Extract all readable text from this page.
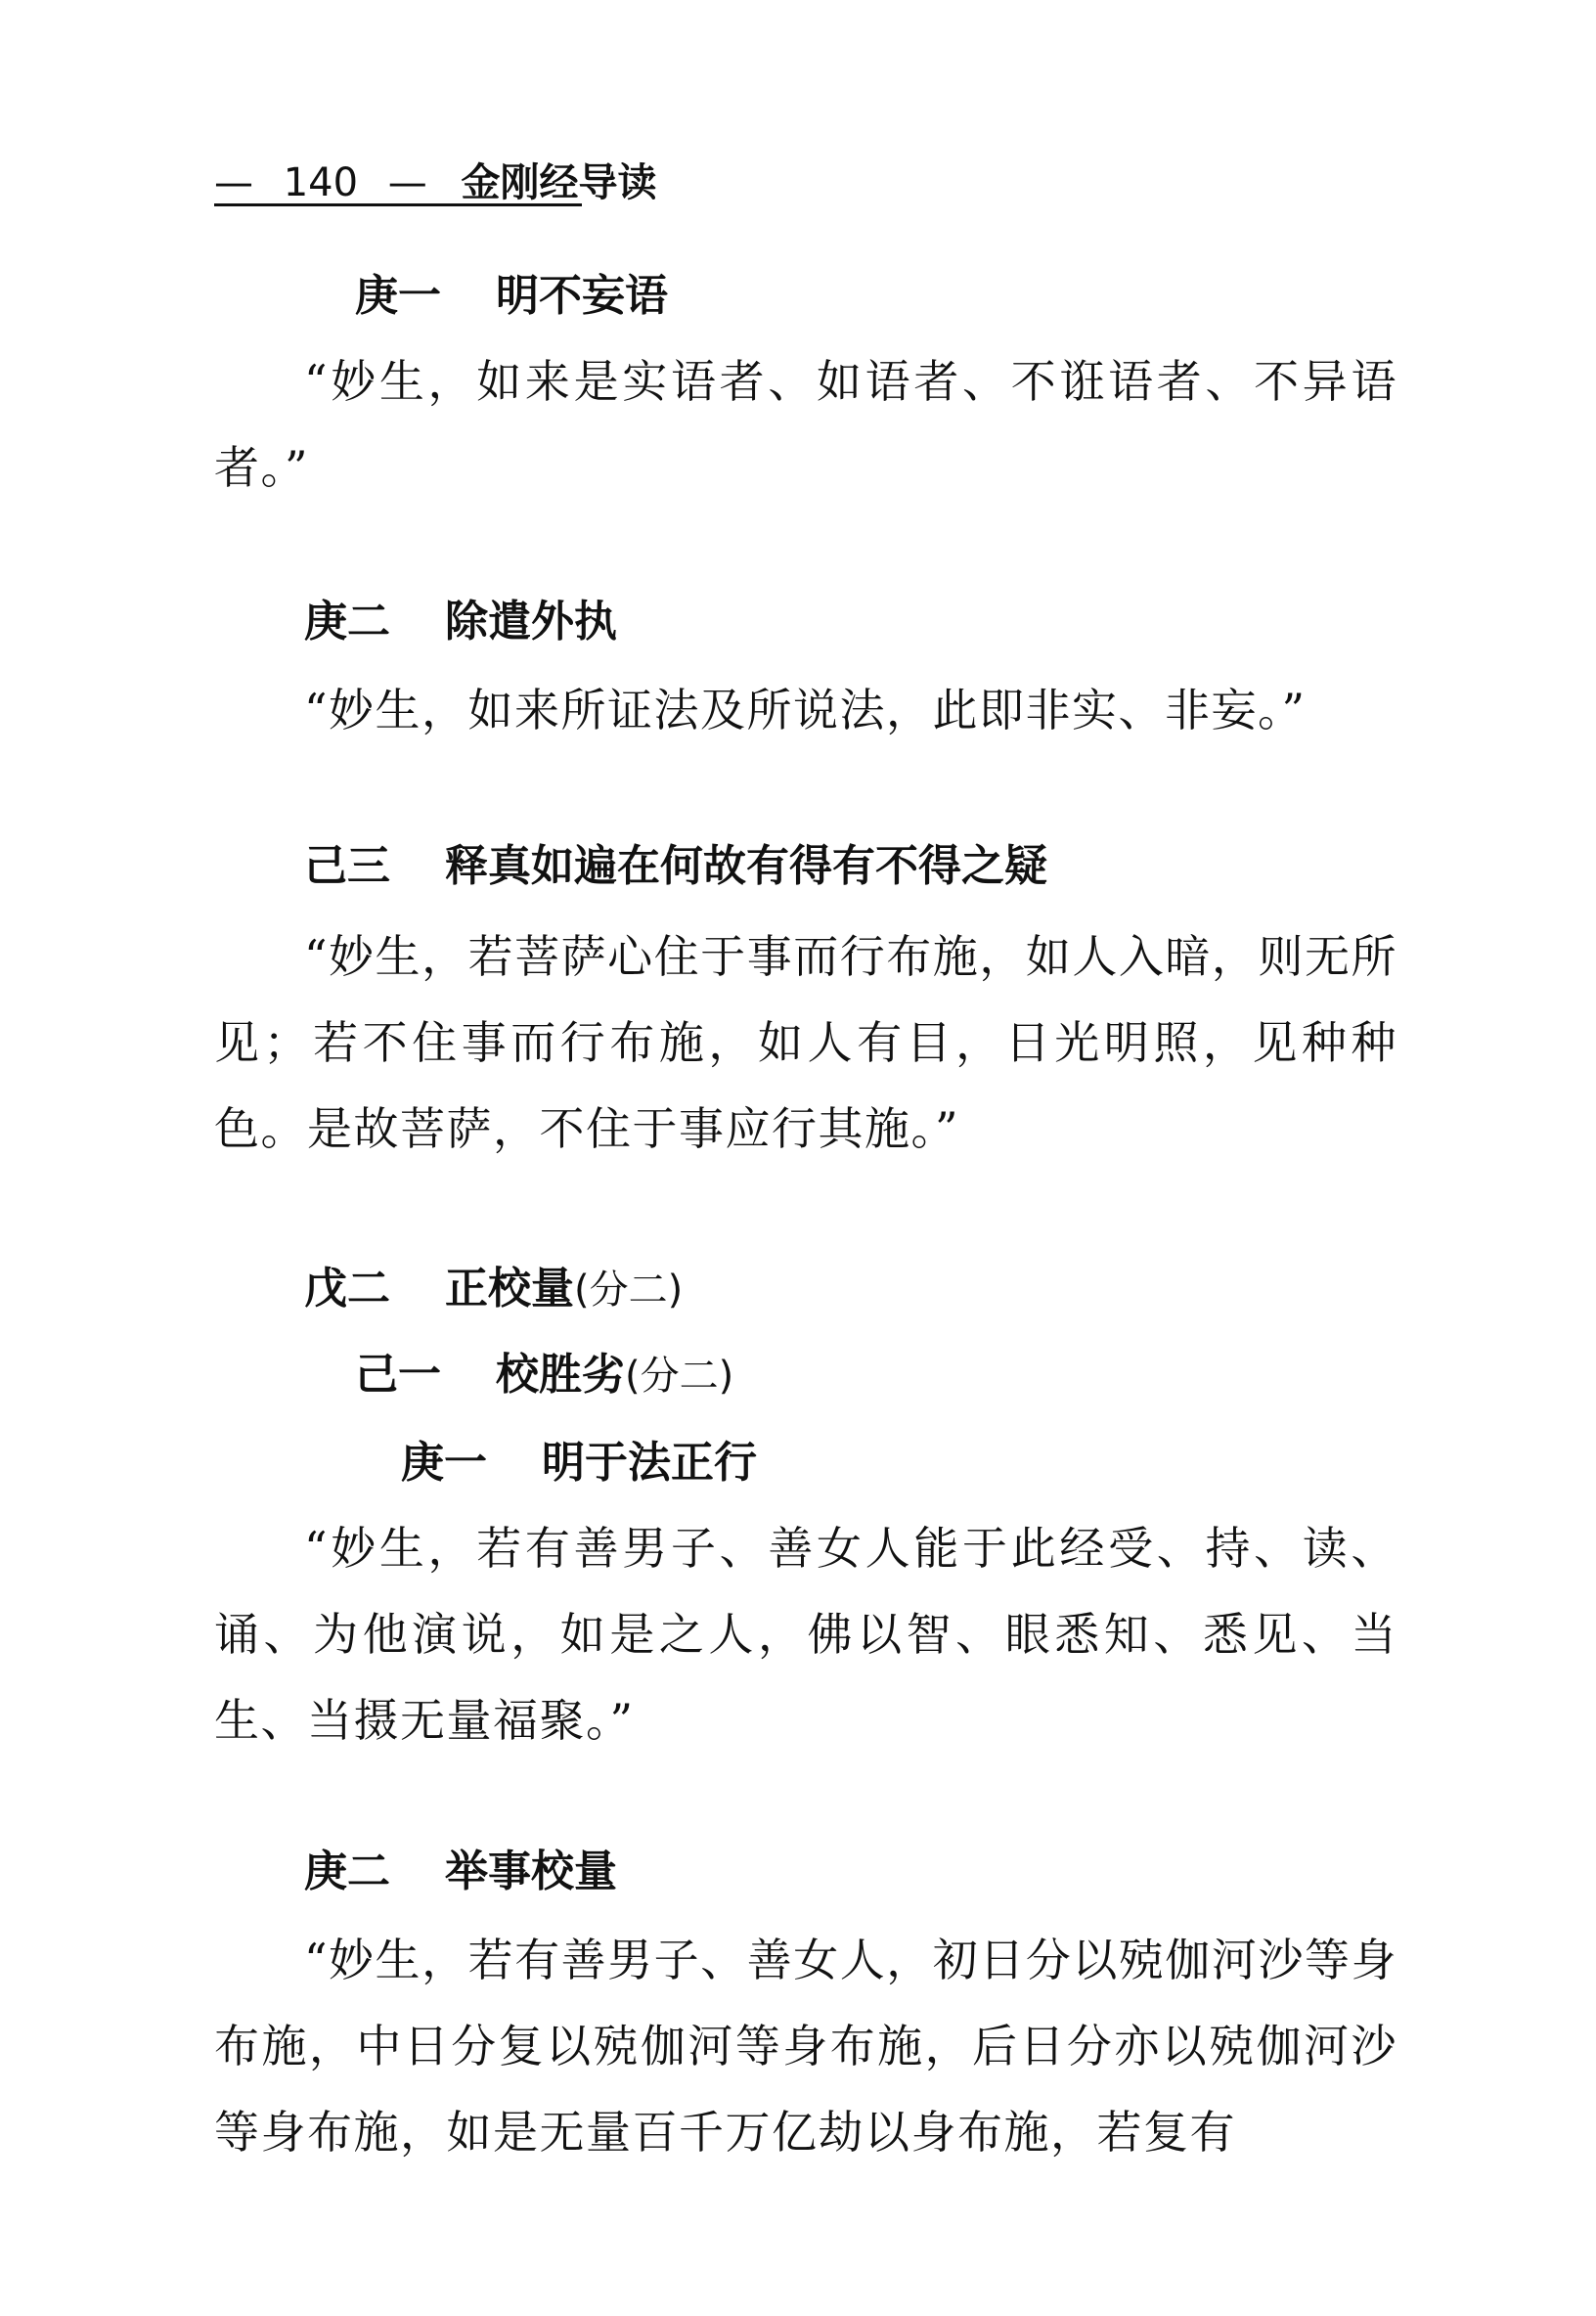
— 140 — 金刚经导读
庚一 明不妄语

“妙生，如来是实语者、如语者、不诳语者、不异语者。”

庚二 除遣外执

“妙生，如来所证法及所说法，此即非实、非妄。”

己三 释真如遍在何故有得有不得之疑

“妙生，若菩萨心住于事而行布施，如人入暗，则无所见；若不住事而行布施，如人有目，日光明照，见种种色。是故菩萨，不住于事应行其施。”

戊二 正校量(分二)
己一 校胜劣(分二)
庚一 明于法正行

“妙生，若有善男子、善女人能于此经受、持、读、诵、为他演说，如是之人，佛以智、眼悉知、悉见、当生、当摄无量福聚。”

庚二 举事校量

“妙生，若有善男子、善女人，初日分以殑伽河沙等身布施，中日分复以殑伽河等身布施，后日分亦以殑伽河沙等身布施，如是无量百千万亿劫以身布施，若复有
